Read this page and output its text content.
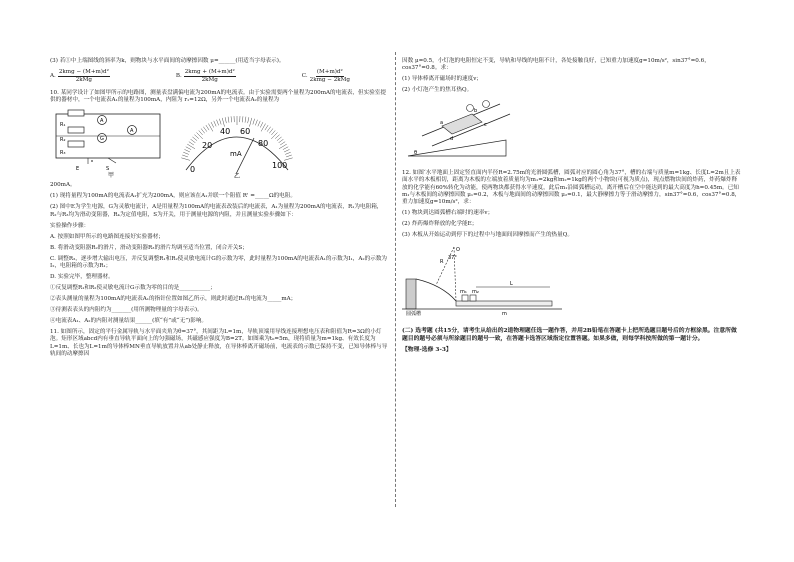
(3) 若①中上端图线的斜率为k，则物块与水平面间的动摩擦因数 μ=______(用适当字母表示)。

A. $\frac{\text{2kmg − (M+m)d²}}{\text{2kMg}}$	B. $\frac{\text{2kmg + (M+m)d²}}{\text{2kMg}}$	C. $\frac{\text{(M+m)d²}}{\text{2kmg − 2kMg}}$

10. 某同学设计了如图甲所示的电路图，测量表盘满偏电流为200mA的电流表。由于实验需要两个量程为200mA的电流表，但实验室提供的器材中，一个电流表A₁的量程为100mA，内阻为 r₁=12Ω，另外一个电流表A₂的量程为

A
G
A
R₁
R₂
R₃
E	S
甲
0
20
40 60
80
100
mA
乙

200mA。

(1) 现将量程为100mA的电流表A₁扩充为200mA，则应该在A₁并联一个阻值 R' =_____Ω的电阻。

(2) 图中E为学生电源，G为灵敏电流计，A是用量程为100mA的电流表改装后的电流表，A₁为量程为200mA的电流表，R₁为电阻箱，R₂与R₃均为滑动变阻器，R₄为定值电阻，S为开关，用于测量电源的内阻，并且测量实验步骤如下：

实验操作步骤：

A. 按照如图甲所示的电路图连接好实验器材；

B. 将滑动变阻器R₂的滑片，滑动变阻器R₃的滑片均调至适当位置，闭合开关S；

C. 调整R₃，逐步增大输出电压，并反复调整R₁和R₂使灵敏电流计G的示数为零，此时量程为100mA的电流表A₁的示数为I₁，A₂的示数为I₂，电阻箱的示数为R₁；

D. 实验完毕，整理器材。

①反复调整R₁和R₂使灵敏电流计G示数为零的目的是___________；

②表头测量的量程为100mA的电流表A₁的指针位置如图乙所示，则此时通过R₁的电流为_____mA；

③待测表表头的内阻约为_______(用所测物理量的字母表示)。

④电流表A₁、A₂的内阻对测量结果______(填“有”或“无”)影响。

11. 如图所示，固定的平行金属导轨与水平面夹角为θ=37°，其间距为L=1m，导轨顶端用导线连接理想电压表和阻值为R=3Ω的小灯泡。矩形区域abcd内有垂直导轨平面向上的匀强磁场，其磁感应强度为B=2T。如图乘为t₀=5m，现将质量为m=1kg、有效长度为L=1m、长也为L=1m的导体棒MN垂直导轨放置并从ab处静止释放，在导体棒离开磁场前，电流表的示数已保持不变，已知导体棒与导轨间的动摩擦因

因数 μ=0.5，小灯泡的电阻恒定不变，导轨和导线的电阻不计，各处接触良好，已知重力加速度g=10m/s²，sin37°=0.6，cos37°=0.8。求：

(1) 导体棒离开磁场时的速度v；

(2) 小灯泡产生的焦耳热Q。

a
b
c
d
θ

12. 如图‘水平地面上固定竖直面内半径R=2.75m的光滑圆弧槽，圆弧对应的圆心角为37°，槽的右端与质量m=1kg、长度L=2m且上表面水平的木板相切，距离为木板的左端放着质量均为m₁=2kg和m₂=1kg的两个小物块(可视为质点)，现点燃物块间的炸药，炸药爆炸释放的化学能有60%转化为动能，使两物块都获得水平速度，此后m₁沿圆弧槽运动，离开槽后在空中能达到的最大高度为h=0.45m。已知m₁与木板间的动摩擦因数 μ₁=0.2，木板与地面间的动摩擦因数 μ₂=0.1，最大静摩擦力等于滑动摩擦力，sin37°=0.6，cos37°=0.8，重力加速度g=10m/s²，求：

(1) 物块到达圆弧槽右端时的速率v；

(2) 炸药爆炸释放的化学能E；

(3) 木板从开始运动到停下的过程中与地面间因摩擦而产生的热量Q。

O
R
37°
m₁ m₂
L
圆弧槽	m

(二) 选考题 (共15分，请考生从给出的2道物理题任选一题作答，并用2B铅笔在答题卡上把所选题目题号后的方框涂黑。注意所做题目的题号必须与所涂题目的题号一致，在答题卡选答区域指定位置答题。如果多做，则每学科按所做的第一题计分。

【物理-选修 3-3】
